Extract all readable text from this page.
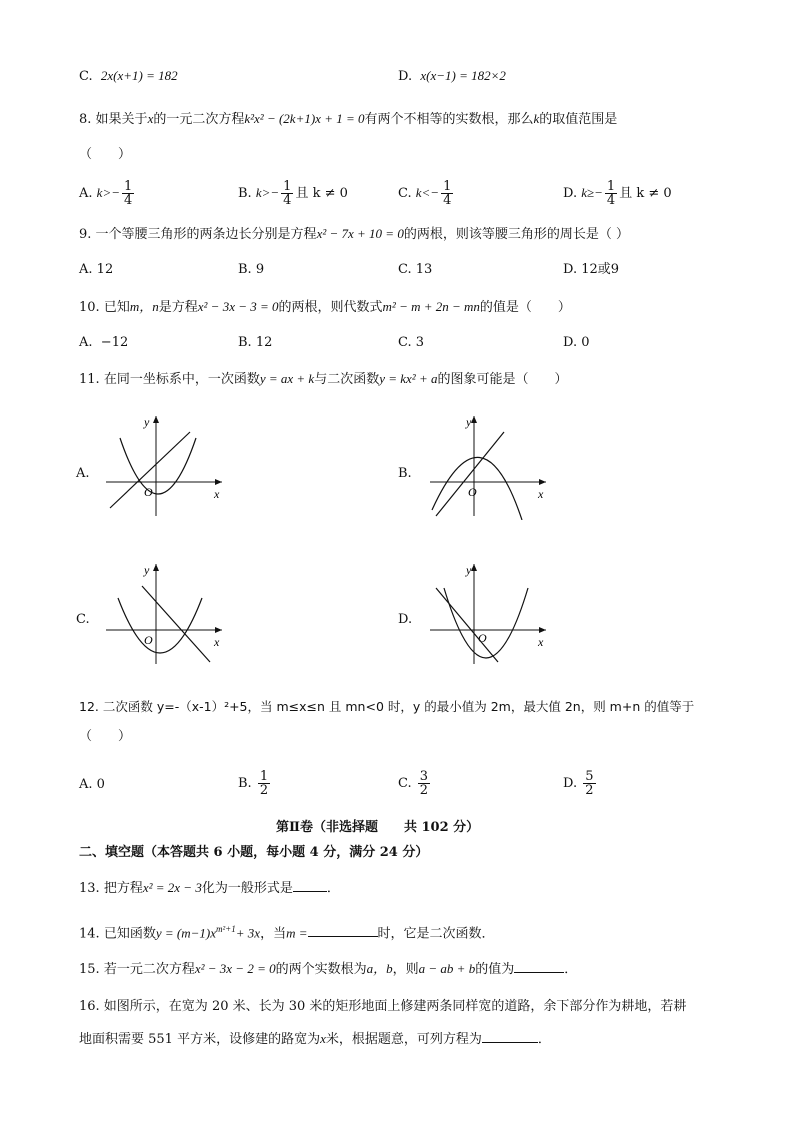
C. 2x(x+1) = 182	D. x(x−1) = 182×2
8. 如果关于x的一元二次方程k²x² − (2k+1)x + 1 = 0有两个不相等的实数根，那么k的取值范围是
（　　）
A. $k>- \frac{1}{4}$	B. $k>- \frac{1}{4}$ 且 k ≠ 0	C. $k<- \frac{1}{4}$	D. $k\ge- \frac{1}{4}$ 且 k ≠ 0
9. 一个等腰三角形的两条边长分别是方程x² − 7x + 10 = 0的两根，则该等腰三角形的周长是（ ）
A. 12	B. 9	C. 13	D. 12或9
10. 已知m，n是方程x² − 3x − 3 = 0的两根，则代数式m² − m + 2n − mn的值是（　　）
A. −12	B. 12	C. 3	D. 0
11. 在同一坐标系中，一次函数y = ax + k与二次函数y = kx² + a的图象可能是（　　）
A.
y
x
O
B.
y
x
O
C.
y
x
O
D.
y
x
O
12. 二次函数 y=-（x-1）²+5，当 m≤x≤n 且 mn<0 时，y 的最小值为 2m，最大值 2n，则 m+n 的值等于
（　　）
A. 0	B. $\frac{1}{2}$	C. $\frac{3}{2}$	D. $\frac{5}{2}$
第Ⅱ卷（非选择题　　共 102 分）
二、填空题（本答题共 6 小题，每小题 4 分，满分 24 分）
13. 把方程x² = 2x − 3化为一般形式是	．
14. 已知函数$y = (m-1)x^{m^2+1}+ 3x$，当m =	时，它是二次函数．
15. 若一元二次方程x² − 3x − 2 = 0的两个实数根为a，b，则a − ab + b的值为	．
16. 如图所示，在宽为 20 米、长为 30 米的矩形地面上修建两条同样宽的道路，余下部分作为耕地，若耕
地面积需要 551 平方米，设修建的路宽为x米，根据题意，可列方程为	．
